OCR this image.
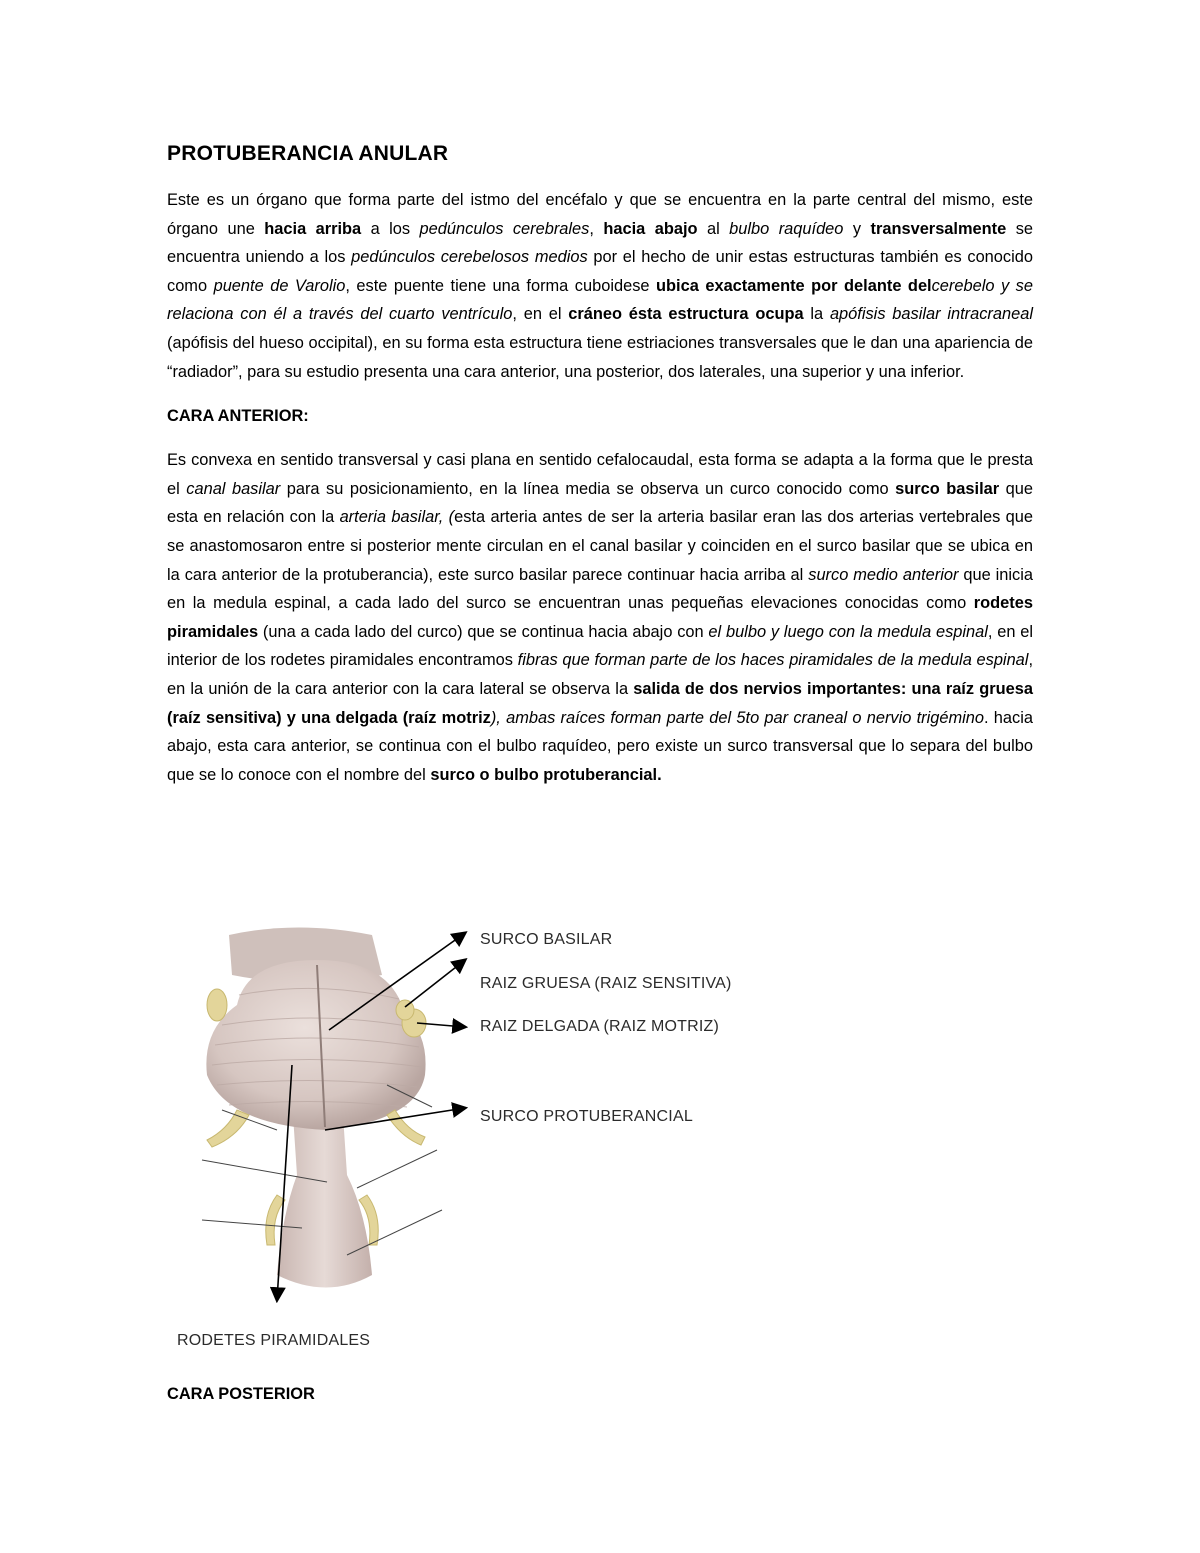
PROTUBERANCIA ANULAR

Este es un órgano que forma parte del istmo del encéfalo y que se encuentra en la parte central del mismo, este órgano une hacia arriba a los pedúnculos cerebrales, hacia abajo al bulbo raquídeo y transversalmente se encuentra uniendo a los pedúnculos cerebelosos medios por el hecho de unir estas estructuras también es conocido como puente de Varolio, este puente tiene una forma cuboidese ubica exactamente por delante delcerebelo y se relaciona con él a través del cuarto ventrículo, en el cráneo ésta estructura ocupa la apófisis basilar intracraneal (apófisis del hueso occipital), en su forma esta estructura tiene estriaciones transversales que le dan una apariencia de “radiador”, para su estudio presenta una cara anterior, una posterior, dos laterales, una superior y una inferior.

CARA ANTERIOR:

Es convexa en sentido transversal y casi plana en sentido cefalocaudal, esta forma se adapta a la forma que le presta el canal basilar para su posicionamiento, en la línea media se observa un curco conocido como surco basilar que esta en relación con la arteria basilar, (esta arteria antes de ser la arteria basilar eran las dos arterias vertebrales que se anastomosaron entre si posterior mente circulan en el canal basilar y coinciden en el surco basilar que se ubica en la cara anterior de la protuberancia), este surco basilar parece continuar hacia arriba al surco medio anterior que inicia en la medula espinal, a cada lado del surco se encuentran unas pequeñas elevaciones conocidas como rodetes piramidales (una a cada lado del curco) que se continua hacia abajo con el bulbo y luego con la medula espinal, en el interior de los rodetes piramidales encontramos fibras que forman parte de los haces piramidales de la medula espinal, en la unión de la cara anterior con la cara lateral se observa la salida de dos nervios importantes: una raíz gruesa (raíz sensitiva) y una delgada (raíz motriz), ambas raíces forman parte del 5to par craneal o nervio trigémino. hacia abajo, esta cara anterior, se continua con el bulbo raquídeo, pero existe un surco transversal que lo separa del bulbo que se lo conoce con el nombre del surco o bulbo protuberancial.

SURCO BASILAR
RAIZ GRUESA (RAIZ SENSITIVA)
RAIZ DELGADA (RAIZ MOTRIZ)
SURCO PROTUBERANCIAL
RODETES PIRAMIDALES
CARA POSTERIOR
